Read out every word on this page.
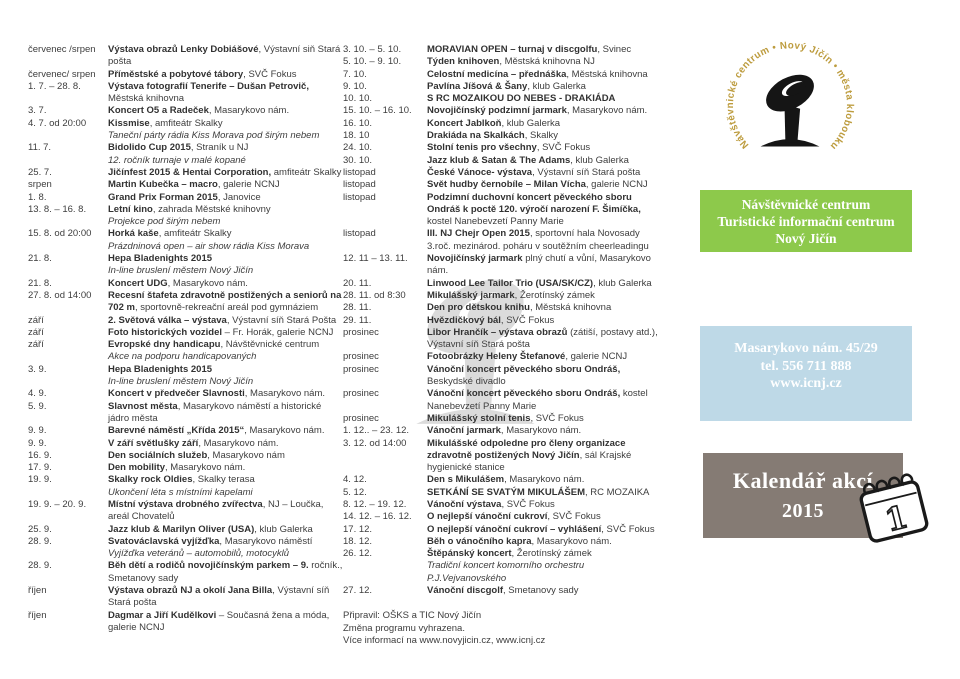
červenec /srpen	Výstava obrazů Lenky Dobiášové, Výstavní siň Stará pošta
červenec/ srpen	Příměstské a pobytové tábory, SVČ Fokus
1. 7. – 28. 8.	Výstava fotografií Tenerife – Dušan Petrovič, Městská knihovna
3. 7.	Koncert O5 a Radeček, Masarykovo nám.
4. 7. od 20:00	Kissmise, amfiteátr Skalky
Taneční párty rádia Kiss Morava pod širým nebem
11. 7.	Bidolido Cup 2015, Straník u NJ
12. ročník turnaje v malé kopané
25. 7.	Jičínfest 2015 & Hentai Corporation, amfiteátr Skalky
srpen	Martin Kubečka – macro, galerie NCNJ
1. 8.	Grand Prix Forman 2015, Janovice
13. 8. – 16. 8.	Letní kino, zahrada Městské knihovny
Projekce pod širým nebem
15. 8. od 20:00	Horká kaše, amfiteátr Skalky
Prázdninová open – air show rádia Kiss Morava
21. 8.	Hepa Bladenights 2015
In-line bruslení městem Nový Jičín
21. 8.	Koncert UDG, Masarykovo nám.
27. 8. od 14:00	Recesní štafeta zdravotně postižených a seniorů na 702 m, sportovně-rekreační areál pod gymnáziem
září	2. Světová válka – výstava, Výstavní síň Stará Pošta
září	Foto historických vozidel – Fr. Horák, galerie NCNJ
září	Evropské dny handicapu, Návštěvnické centrum
Akce na podporu handicapovaných
3. 9.	Hepa Bladenights 2015
In-line bruslení městem Nový Jičín
4. 9.	Koncert v předvečer Slavnosti, Masarykovo nám.
5. 9.	Slavnost města, Masarykovo náměstí a historické jádro města
9. 9.	Barevné náměstí „Křída 2015“, Masarykovo nám.
9. 9.	V září světlušky září, Masarykovo nám.
16. 9.	Den sociálních služeb, Masarykovo nám
17. 9.	Den mobility, Masarykovo nám.
19. 9.	Skalky rock Oldies, Skalky terasa
Ukončení léta s místními kapelami
19. 9. – 20. 9.	Místní výstava drobného zvířectva, NJ – Loučka, areál Chovatelů
25. 9.	Jazz klub & Marilyn Oliver (USA), klub Galerka
28. 9.	Svatováclavská vyjížďka, Masarykovo náměstí
Vyjížďka veteránů – automobilů, motocyklů
28. 9.	Běh dětí a rodičů novojičínským parkem – 9. ročník., Smetanovy sady
říjen	Výstava obrazů NJ a okolí Jana Billa, Výstavní síň Stará pošta
říjen	Dagmar a Jiří Kudělkovi – Současná žena a móda, galerie NCNJ
3. 10. – 5. 10.	MORAVIAN OPEN – turnaj v discgolfu, Svinec
5. 10. – 9. 10.	Týden knihoven, Městská knihovna NJ
7. 10.	Celostní medicína – přednáška, Městská knihovna
9. 10.	Pavlína Jíšová & Šany, klub Galerka
10. 10.	S RC MOZAIKOU DO NEBES - DRAKIÁDA
15. 10. – 16. 10.	Novojičínský podzimní jarmark, Masarykovo nám.
16. 10.	Koncert Jablkoň, klub Galerka
18. 10	Drakiáda na Skalkách, Skalky
24. 10.	Stolní tenis pro všechny, SVČ Fokus
30. 10.	Jazz klub & Satan & The Adams, klub Galerka
listopad	České Vánoce- výstava, Výstavní síň Stará pošta
listopad	Svět hudby černobíle – Milan Vícha, galerie NCNJ
listopad	Podzimní duchovní koncert pěveckého sboru Ondráš k poctě 120. výročí narození F. Šimíčka, kostel Nanebevzetí Panny Marie
listopad	III. NJ Chejr Open 2015, sportovní hala Novosady
3.roč. mezinárod. poháru v soutěžním cheerleadingu
12. 11 – 13. 11.	Novojičínský jarmark plný chutí a vůní, Masarykovo nám.
20. 11.	Linwood Lee Tailor Trio (USA/SK/CZ), klub Galerka
28. 11. od 8:30	Mikulášský jarmark, Žerotínský zámek
28. 11.	Den pro dětskou knihu, Městská knihovna
29. 11.	Hvězdičkový bál, SVČ Fokus
prosinec	Libor Hrančík – výstava obrazů (zátiší, postavy atd.), Výstavní síň Stará pošta
prosinec	Fotoobrázky Heleny Štefanové, galerie NCNJ
prosinec	Vánoční koncert pěveckého sboru Ondráš, Beskydské divadlo
prosinec	Vánoční koncert pěveckého sboru Ondráš, kostel Nanebevzetí Panny Marie
prosinec	Mikulášský stolní tenis, SVČ Fokus
1. 12.. – 23. 12.	Vánoční jarmark, Masarykovo nám.
3. 12. od 14:00	Mikulášské odpoledne pro členy organizace zdravotně postižených Nový Jičín, sál Krajské hygienické stanice
4. 12.	Den s Mikulášem, Masarykovo nám.
5. 12.	SETKÁNÍ SE SVATÝM MIKULÁŠEM, RC MOZAIKA
8. 12. – 19. 12.	Vánoční výstava, SVČ Fokus
14. 12. – 16. 12.	O nejlepší vánoční cukroví, SVČ Fokus
17. 12.	O nejlepší vánoční cukroví – vyhlášení, SVČ Fokus
18. 12.	Běh o vánočního kapra, Masarykovo nám.
26. 12.	Štěpánský koncert, Žerotínský zámek
Tradiční koncert komorního orchestru
P.J.Vejvanovského
27. 12.	Vánoční discgolf, Smetanovy sady
Připravil: OŠKS a TIC Nový Jičín
Změna programu vyhrazena.
Více informací na www.novyjicin.cz, www.icnj.cz
Návštěvnické centrum • Nový Jičín • města klobouku
Návštěvnické centrum
Turistické informační centrum
Nový Jičín
Masarykovo nám. 45/29
tel. 556 711 888
www.icnj.cz
Kalendář akcí
2015	1
